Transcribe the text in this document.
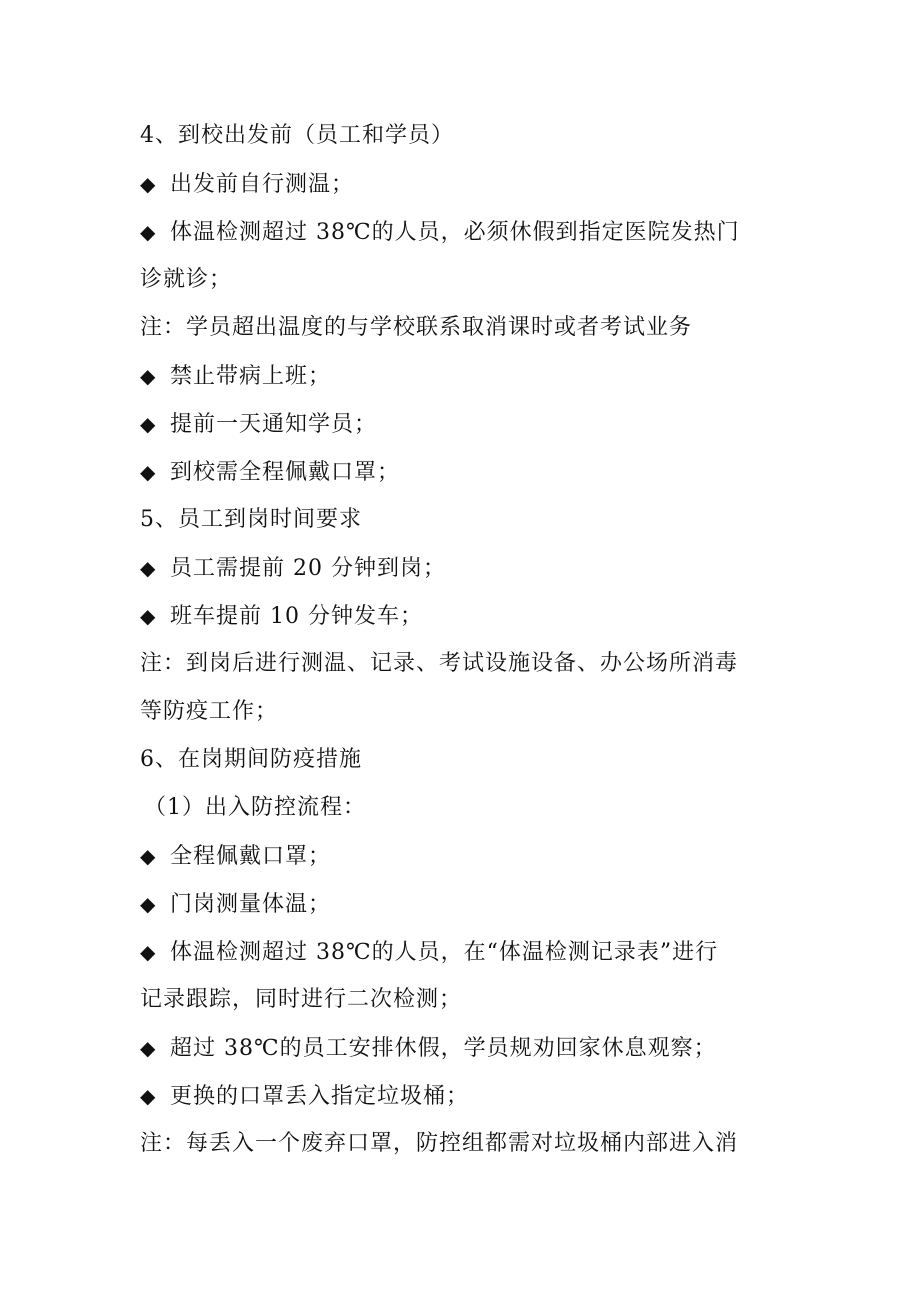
4、到校出发前（员工和学员）
◆ 出发前自行测温；
◆ 体温检测超过 38℃的人员，必须休假到指定医院发热门
诊就诊；
注：学员超出温度的与学校联系取消课时或者考试业务
◆ 禁止带病上班；
◆ 提前一天通知学员；
◆ 到校需全程佩戴口罩；
5、员工到岗时间要求
◆ 员工需提前 20 分钟到岗；
◆ 班车提前 10 分钟发车；
注：到岗后进行测温、记录、考试设施设备、办公场所消毒
等防疫工作；
6、在岗期间防疫措施
（1）出入防控流程：
◆ 全程佩戴口罩；
◆ 门岗测量体温；
◆ 体温检测超过 38℃的人员，在“体温检测记录表”进行
记录跟踪，同时进行二次检测；
◆ 超过 38℃的员工安排休假，学员规劝回家休息观察；
◆ 更换的口罩丢入指定垃圾桶；
注：每丢入一个废弃口罩，防控组都需对垃圾桶内部进入消
